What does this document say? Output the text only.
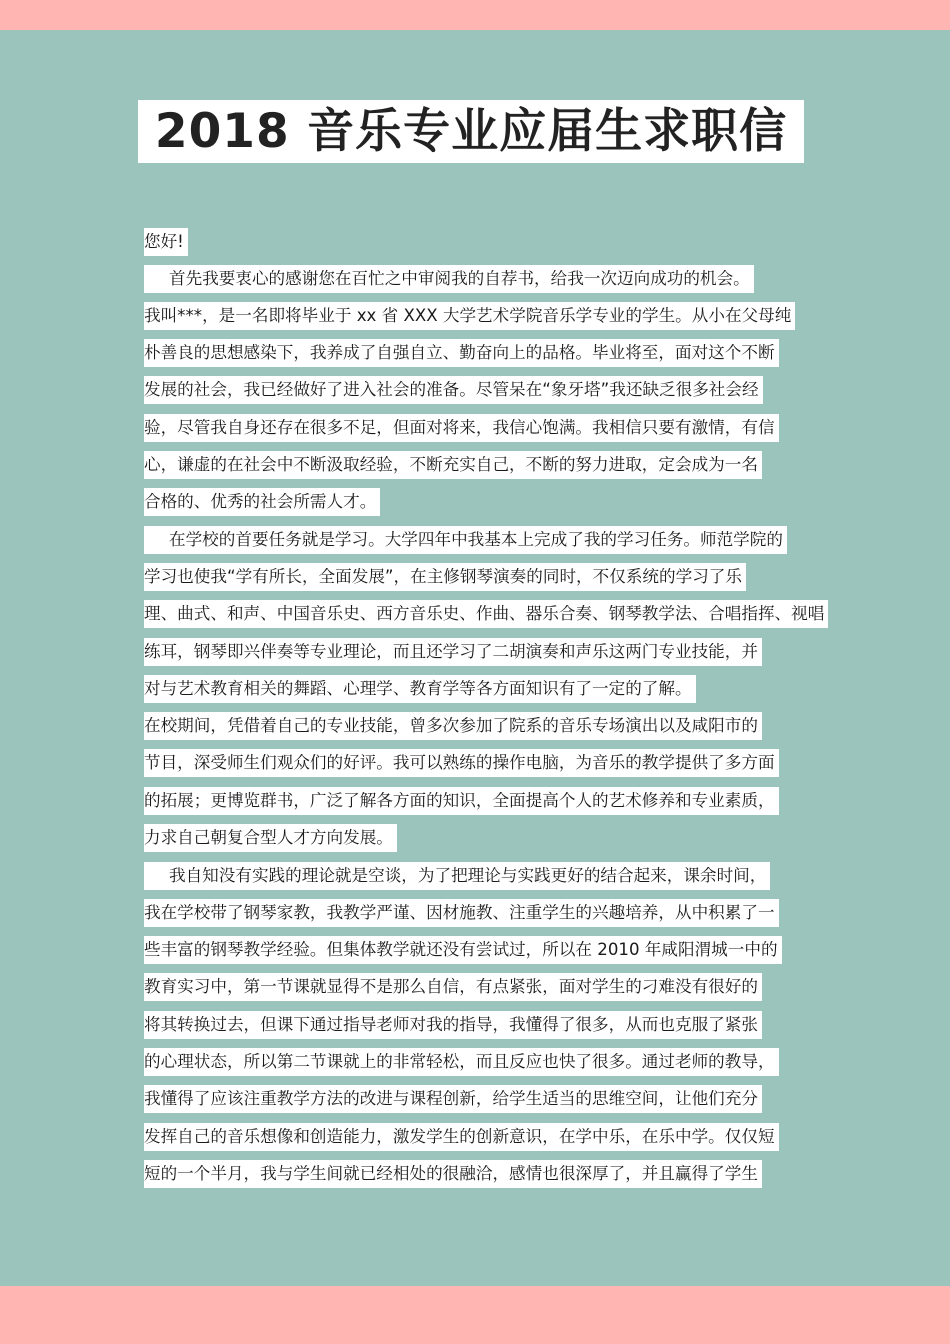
2018 音乐专业应届生求职信
您好!
首先我要衷心的感谢您在百忙之中审阅我的自荐书，给我一次迈向成功的机会。
我叫***，是一名即将毕业于 xx 省 XXX 大学艺术学院音乐学专业的学生。从小在父母纯
朴善良的思想感染下，我养成了自强自立、勤奋向上的品格。毕业将至，面对这个不断
发展的社会，我已经做好了进入社会的准备。尽管呆在“象牙塔”我还缺乏很多社会经
验，尽管我自身还存在很多不足，但面对将来，我信心饱满。我相信只要有激情，有信
心，谦虚的在社会中不断汲取经验，不断充实自己，不断的努力进取，定会成为一名
合格的、优秀的社会所需人才。
在学校的首要任务就是学习。大学四年中我基本上完成了我的学习任务。师范学院的
学习也使我“学有所长，全面发展”，在主修钢琴演奏的同时，不仅系统的学习了乐
理、曲式、和声、中国音乐史、西方音乐史、作曲、器乐合奏、钢琴教学法、合唱指挥、视唱
练耳，钢琴即兴伴奏等专业理论，而且还学习了二胡演奏和声乐这两门专业技能，并
对与艺术教育相关的舞蹈、心理学、教育学等各方面知识有了一定的了解。
在校期间，凭借着自己的专业技能，曾多次参加了院系的音乐专场演出以及咸阳市的
节目，深受师生们观众们的好评。我可以熟练的操作电脑，为音乐的教学提供了多方面
的拓展；更博览群书，广泛了解各方面的知识，全面提高个人的艺术修养和专业素质，
力求自己朝复合型人才方向发展。
我自知没有实践的理论就是空谈，为了把理论与实践更好的结合起来，课余时间，
我在学校带了钢琴家教，我教学严谨、因材施教、注重学生的兴趣培养，从中积累了一
些丰富的钢琴教学经验。但集体教学就还没有尝试过，所以在 2010 年咸阳渭城一中的
教育实习中，第一节课就显得不是那么自信，有点紧张，面对学生的刁难没有很好的
将其转换过去，但课下通过指导老师对我的指导，我懂得了很多，从而也克服了紧张
的心理状态，所以第二节课就上的非常轻松，而且反应也快了很多。通过老师的教导，
我懂得了应该注重教学方法的改进与课程创新，给学生适当的思维空间，让他们充分
发挥自己的音乐想像和创造能力，激发学生的创新意识，在学中乐，在乐中学。仅仅短
短的一个半月，我与学生间就已经相处的很融洽，感情也很深厚了，并且赢得了学生
